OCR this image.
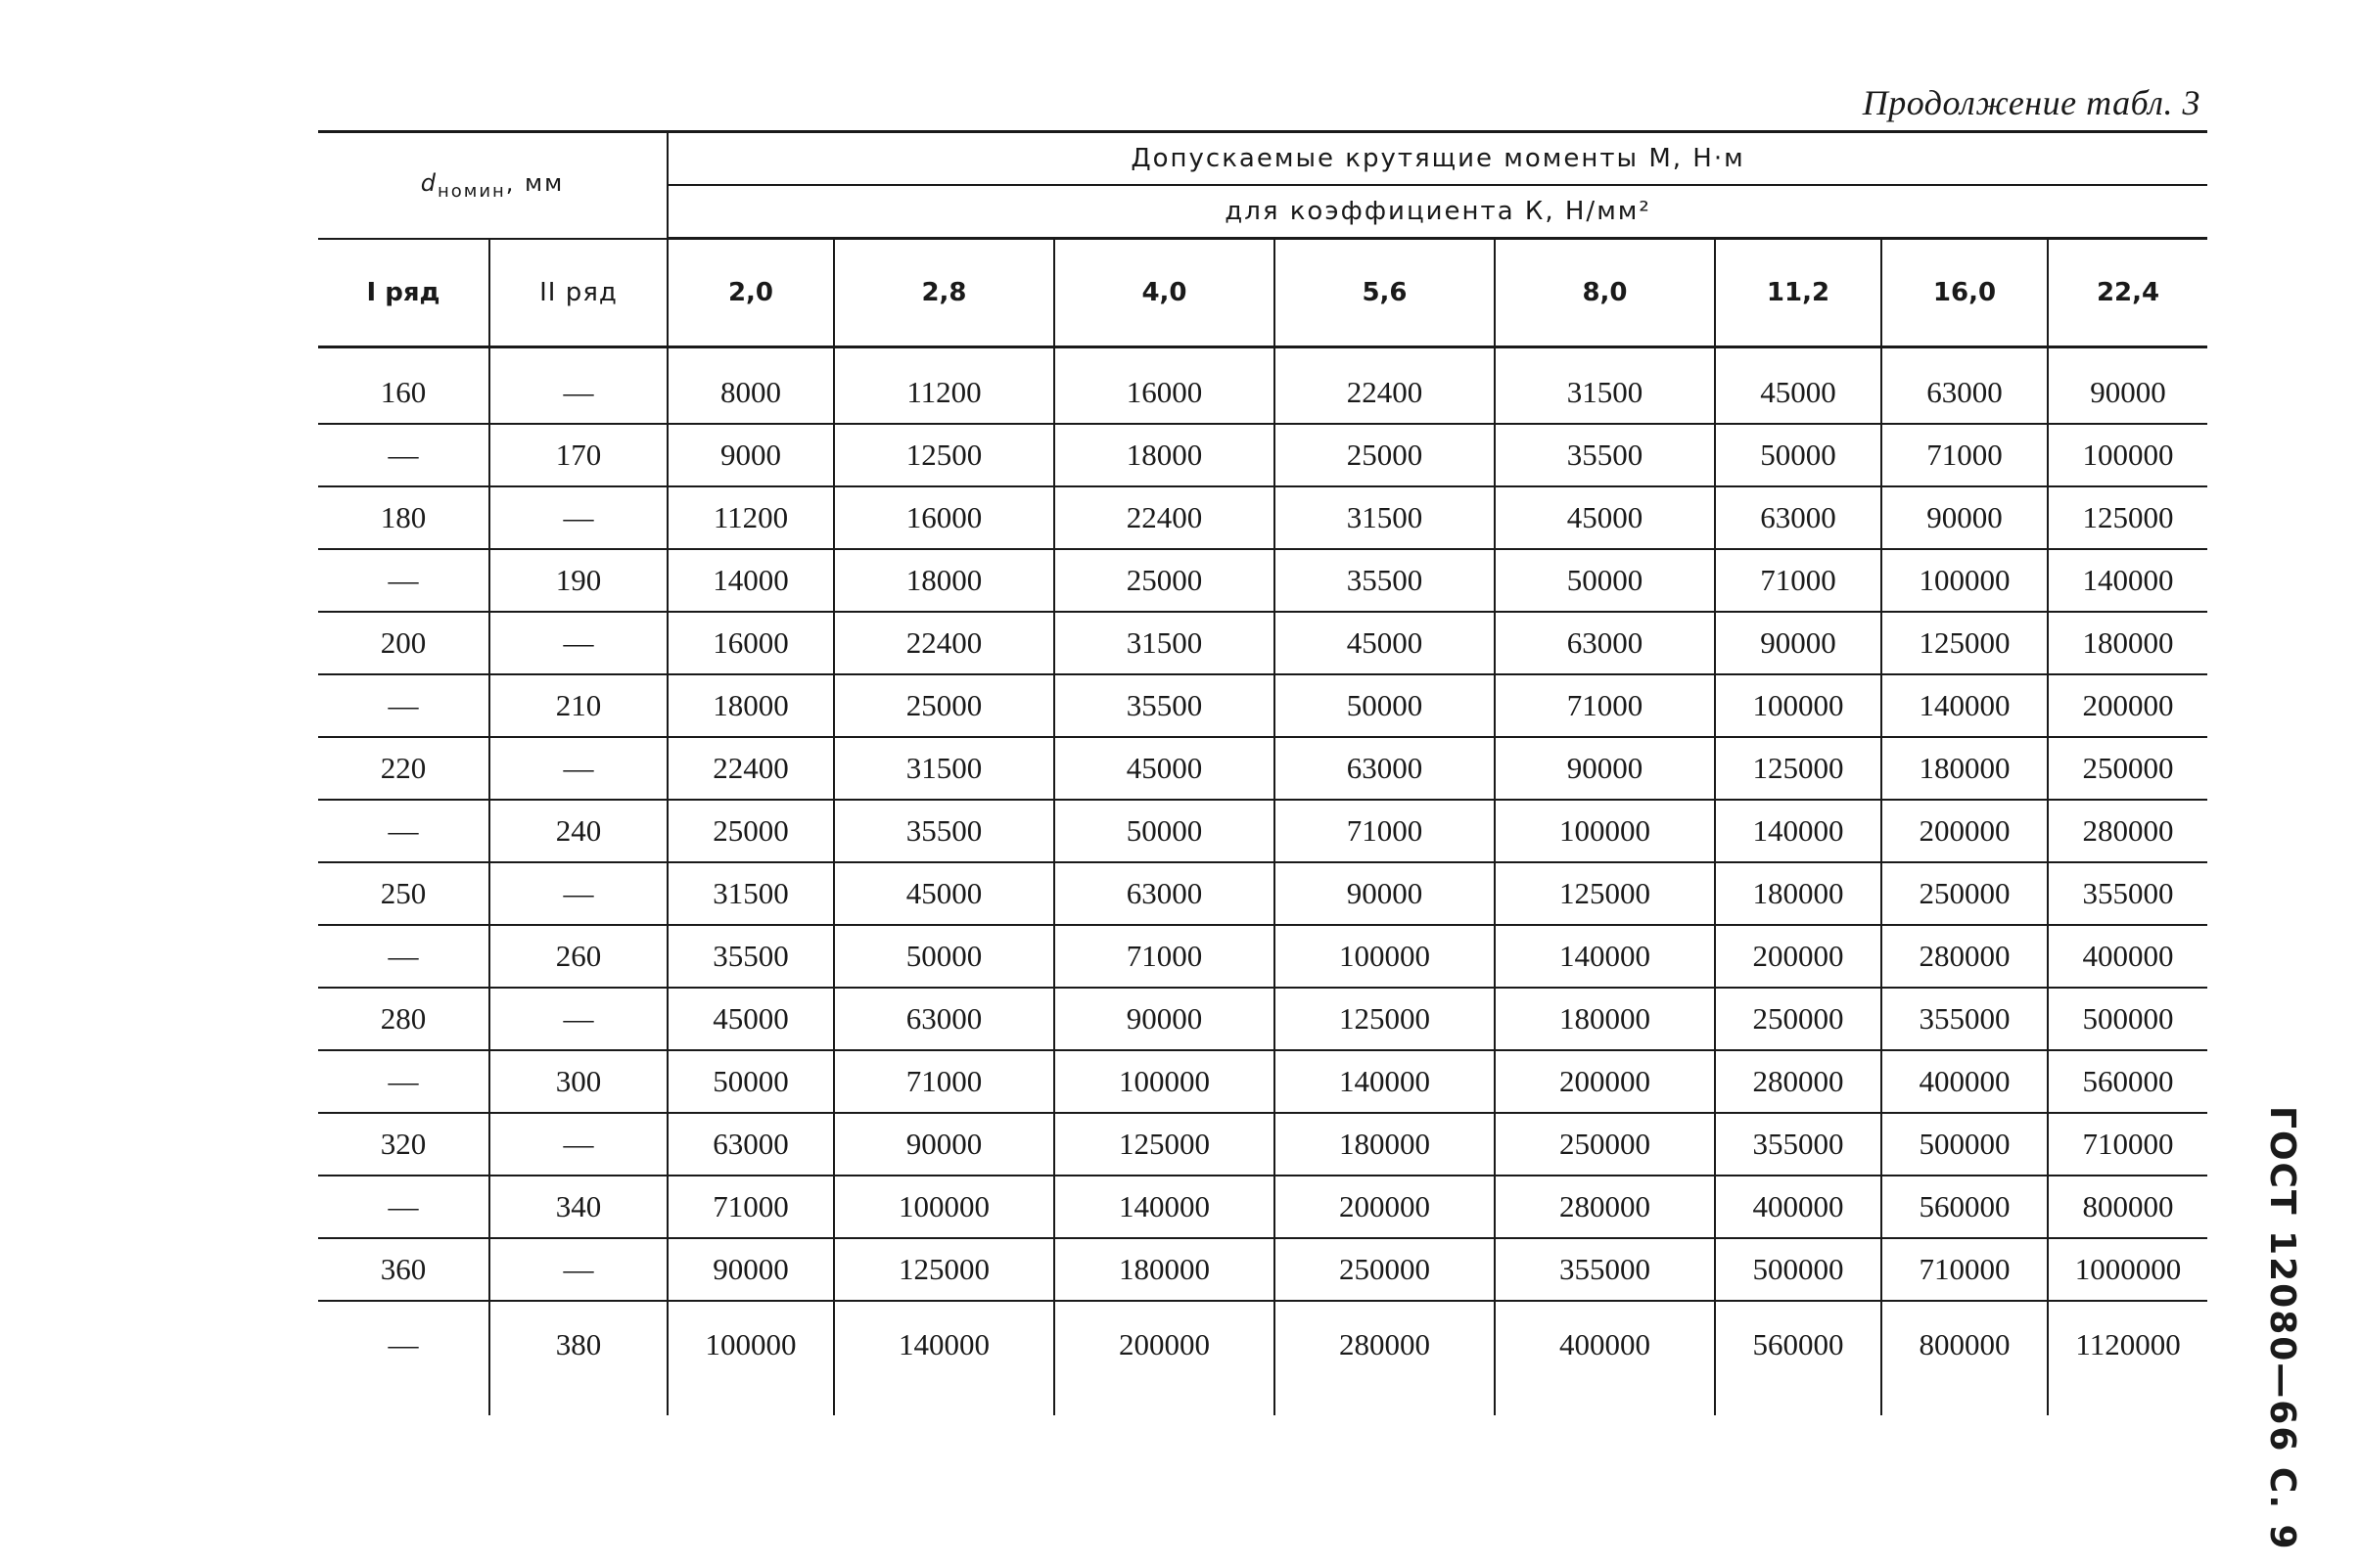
Продолжение табл. 3
$d_{номин}$, мм		Допускаемые крутящие моменты М, Н·м							
		для коэффициента К, Н/мм²							
I ряд	II ряд	2,0	2,8	4,0	5,6	8,0	11,2	16,0	22,4
160	—	8000	11200	16000	22400	31500	45000	63000	90000
—	170	9000	12500	18000	25000	35500	50000	71000	100000
180	—	11200	16000	22400	31500	45000	63000	90000	125000
—	190	14000	18000	25000	35500	50000	71000	100000	140000
200	—	16000	22400	31500	45000	63000	90000	125000	180000
—	210	18000	25000	35500	50000	71000	100000	140000	200000
220	—	22400	31500	45000	63000	90000	125000	180000	250000
—	240	25000	35500	50000	71000	100000	140000	200000	280000
250	—	31500	45000	63000	90000	125000	180000	250000	355000
—	260	35500	50000	71000	100000	140000	200000	280000	400000
280	—	45000	63000	90000	125000	180000	250000	355000	500000
—	300	50000	71000	100000	140000	200000	280000	400000	560000
320	—	63000	90000	125000	180000	250000	355000	500000	710000
—	340	71000	100000	140000	200000	280000	400000	560000	800000
360	—	90000	125000	180000	250000	355000	500000	710000	1000000
—	380	100000	140000	200000	280000	400000	560000	800000	1120000 ГОСТ 12080—66 С. 9
